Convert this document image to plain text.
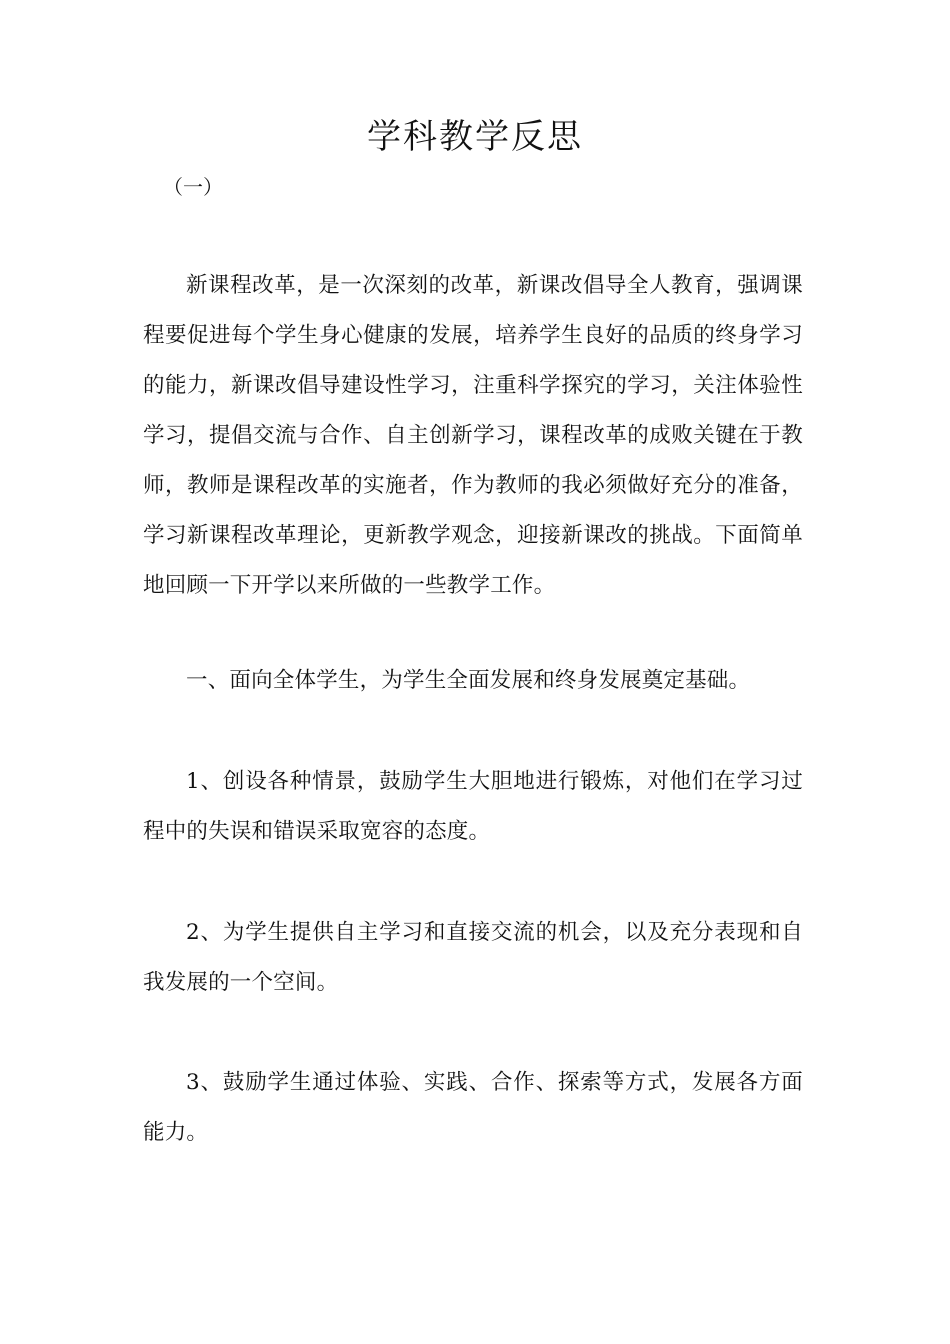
学科教学反思

（一）

新课程改革，是一次深刻的改革，新课改倡导全人教育，强调课程要促进每个学生身心健康的发展，培养学生良好的品质的终身学习的能力，新课改倡导建设性学习，注重科学探究的学习，关注体验性学习，提倡交流与合作、自主创新学习，课程改革的成败关键在于教师，教师是课程改革的实施者，作为教师的我必须做好充分的准备，学习新课程改革理论，更新教学观念，迎接新课改的挑战。下面简单地回顾一下开学以来所做的一些教学工作。

一、面向全体学生，为学生全面发展和终身发展奠定基础。

1、创设各种情景，鼓励学生大胆地进行锻炼，对他们在学习过程中的失误和错误采取宽容的态度。

2、为学生提供自主学习和直接交流的机会，以及充分表现和自我发展的一个空间。

3、鼓励学生通过体验、实践、合作、探索等方式，发展各方面能力。
